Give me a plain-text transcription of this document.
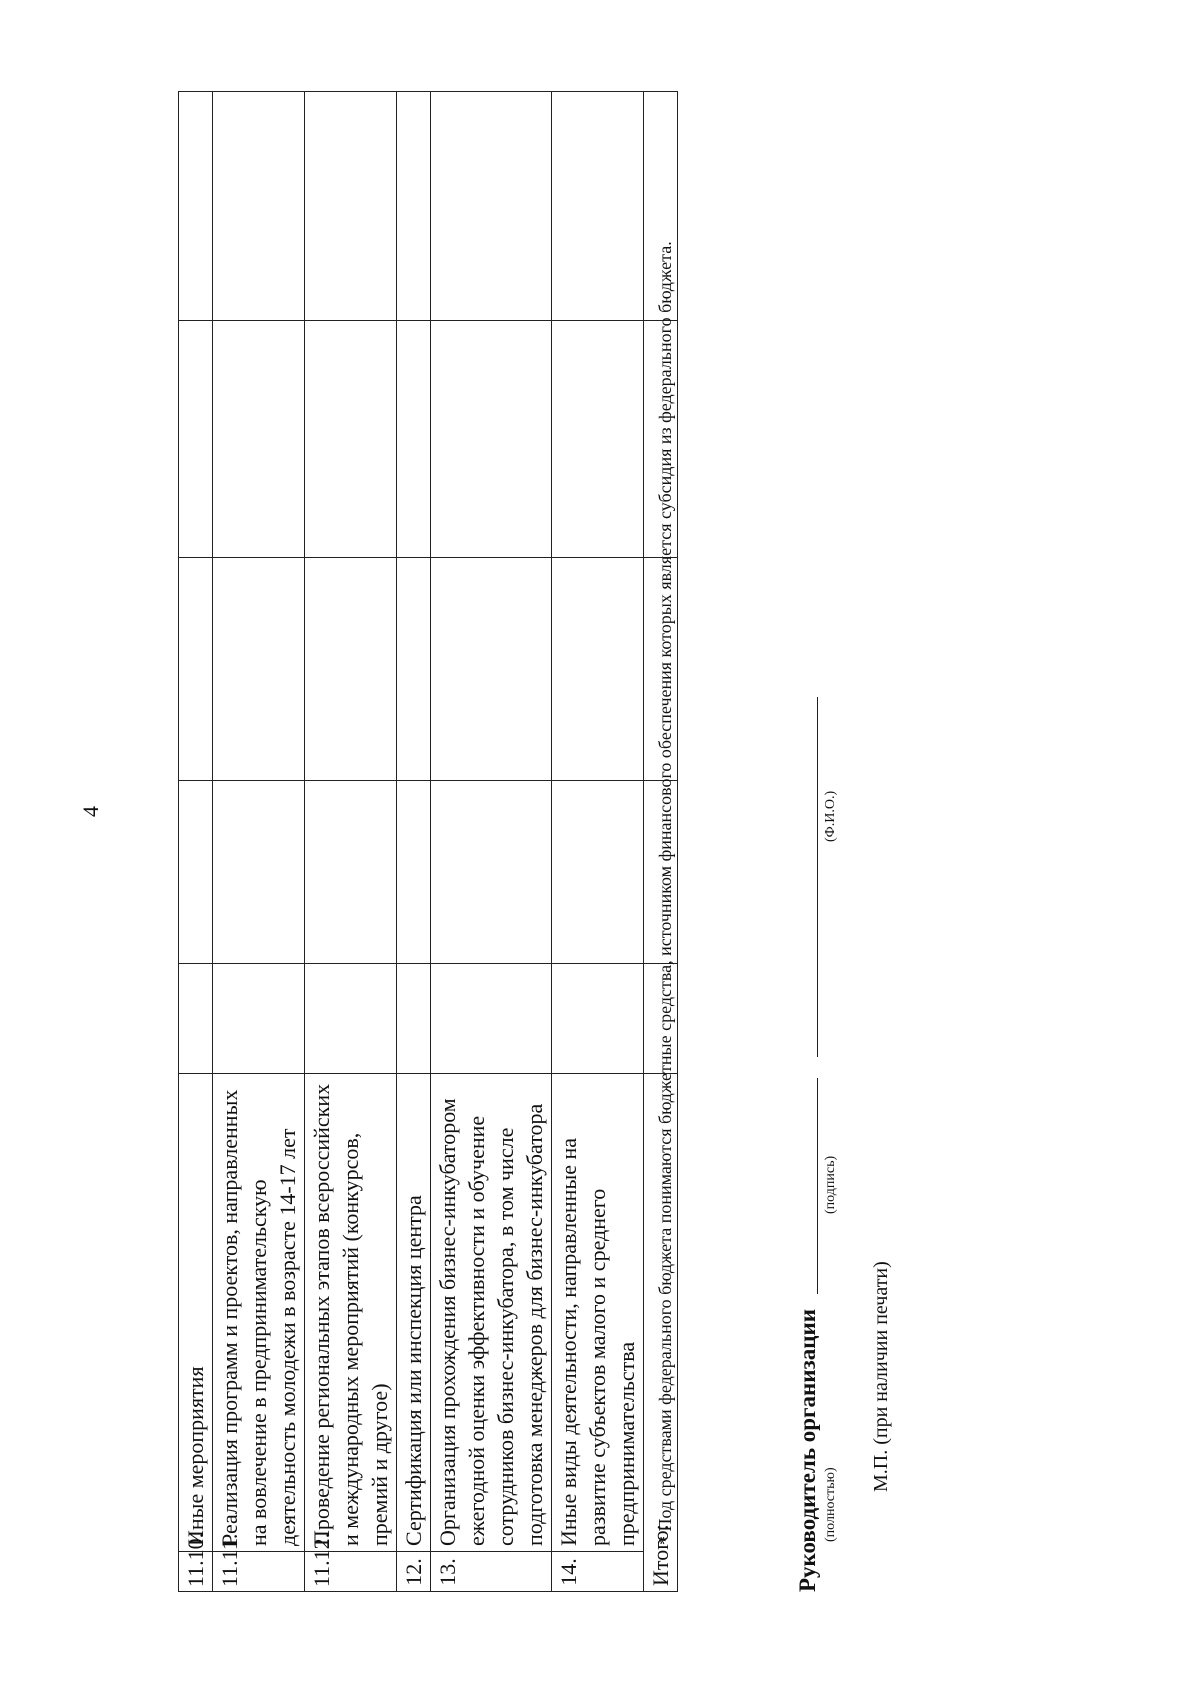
4
11.10.	Иные мероприятия					
11.11.	Реализация программ и проектов, направленных на вовлечение в предпринимательскую деятельность молодежи в возрасте 14-17 лет					
11.12.	Проведение региональных этапов всероссийских и международных мероприятий (конкурсов, премий и другое)					
12.	Сертификация или инспекция центра					
13.	Организация прохождения бизнес-инкубатором ежегодной оценки эффективности и обучение сотрудников бизнес-инкубатора, в том числе подготовка менеджеров для бизнес-инкубатора					
14.	Иные виды деятельности, направленные на развитие субъектов малого и среднего предпринимательства					
Итого:						
* Под средствами федерального бюджета понимаются бюджетные средства, источником финансового обеспечения которых является субсидия из федерального бюджета.	Руководитель организации (полностью)
(подпись)
(Ф.И.О.)
М.П. (при наличии печати)
